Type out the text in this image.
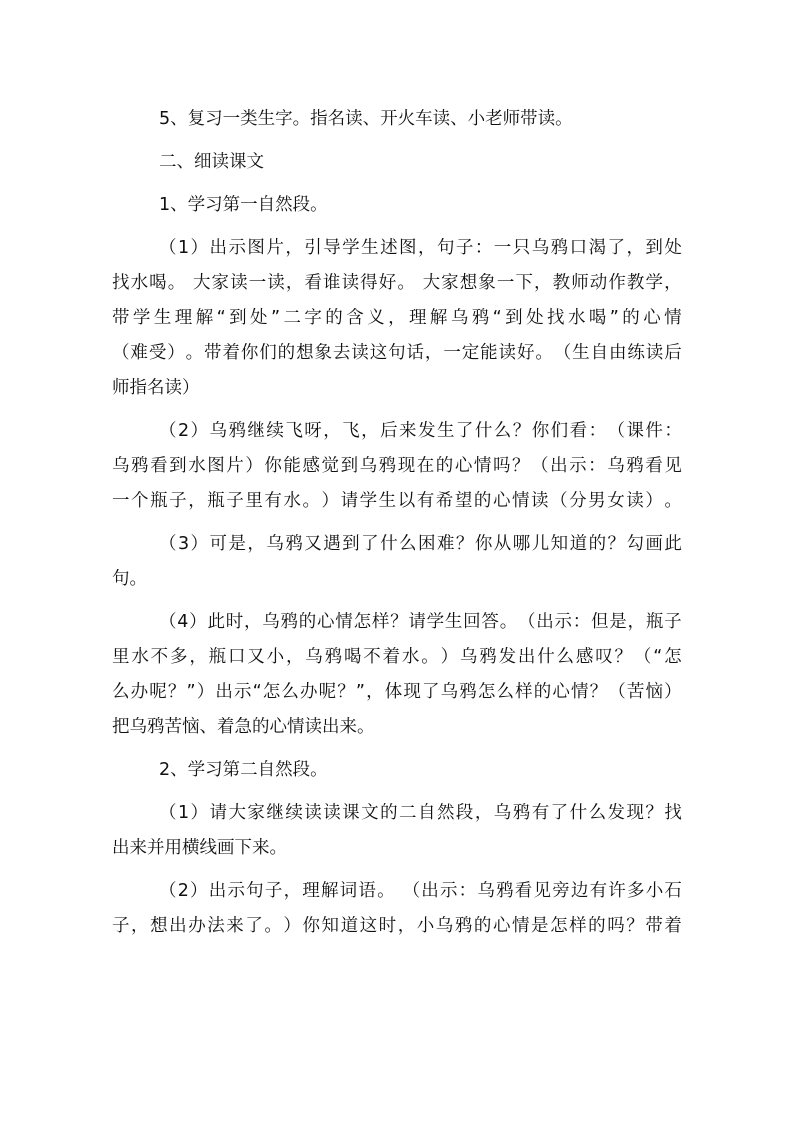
5、复习一类生字。指名读、开火车读、小老师带读。

二、细读课文

1、学习第一自然段。

（ 1 ） 出 示 图 片 ， 引 导 学 生 述 图 ， 句 子 ： 一 只 乌 鸦 口 渴 了 ， 到 处

找 水 喝 。
大 家 读 一 读 ， 看 谁 读 得 好 。
大 家 想 象 一 下 ， 教 师 动 作 教 学 ，

带 学 生 理 解 “ 到 处 ” 二 字 的 含 义 ， 理 解 乌 鸦 “ 到 处 找 水 喝 ” 的 心 情

（ 难 受 ） 。 带 着 你 们 的 想 象 去 读 这 句 话 ， 一 定 能 读 好 。 （ 生 自 由 练 读 后

师指名读）

（ 2 ） 乌 鸦 继 续 飞 呀 ， 飞 ， 后 来 发 生 了 什 么 ？ 你 们 看 ： （ 课 件 ：

乌 鸦 看 到 水 图 片 ） 你 能 感 觉 到 乌 鸦 现 在 的 心 情 吗 ？ （ 出 示 ： 乌 鸦 看 见

一 个 瓶 子 ， 瓶 子 里 有 水 。 ） 请 学 生 以 有 希 望 的 心 情 读 （ 分 男 女 读 ） 。

（ 3 ） 可 是 ， 乌 鸦 又 遇 到 了 什 么 困 难 ？ 你 从 哪 儿 知 道 的 ？ 勾 画 此

句。

（ 4 ） 此 时 ， 乌 鸦 的 心 情 怎 样 ？ 请 学 生 回 答 。 （ 出 示 ： 但 是 ， 瓶 子

里 水 不 多 ， 瓶 口 又 小 ， 乌 鸦 喝 不 着 水 。 ） 乌 鸦 发 出 什 么 感 叹 ？ （ “ 怎

么 办 呢 ？ ” ） 出 示 “ 怎 么 办 呢 ？ ” ， 体 现 了 乌 鸦 怎 么 样 的 心 情 ？ （ 苦 恼 ）

把乌鸦苦恼、着急的心情读出来。

2、学习第二自然段。

（ 1 ） 请 大 家 继 续 读 读 课 文 的 二 自 然 段 ， 乌 鸦 有 了 什 么 发 现 ？ 找

出来并用横线画下来。

（ 2 ） 出 示 句 子 ， 理 解 词 语 。
（ 出 示 ： 乌 鸦 看 见 旁 边 有 许 多 小 石

子 ， 想 出 办 法 来 了 。 ） 你 知 道 这 时 ， 小 乌 鸦 的 心 情 是 怎 样 的 吗 ？ 带 着
